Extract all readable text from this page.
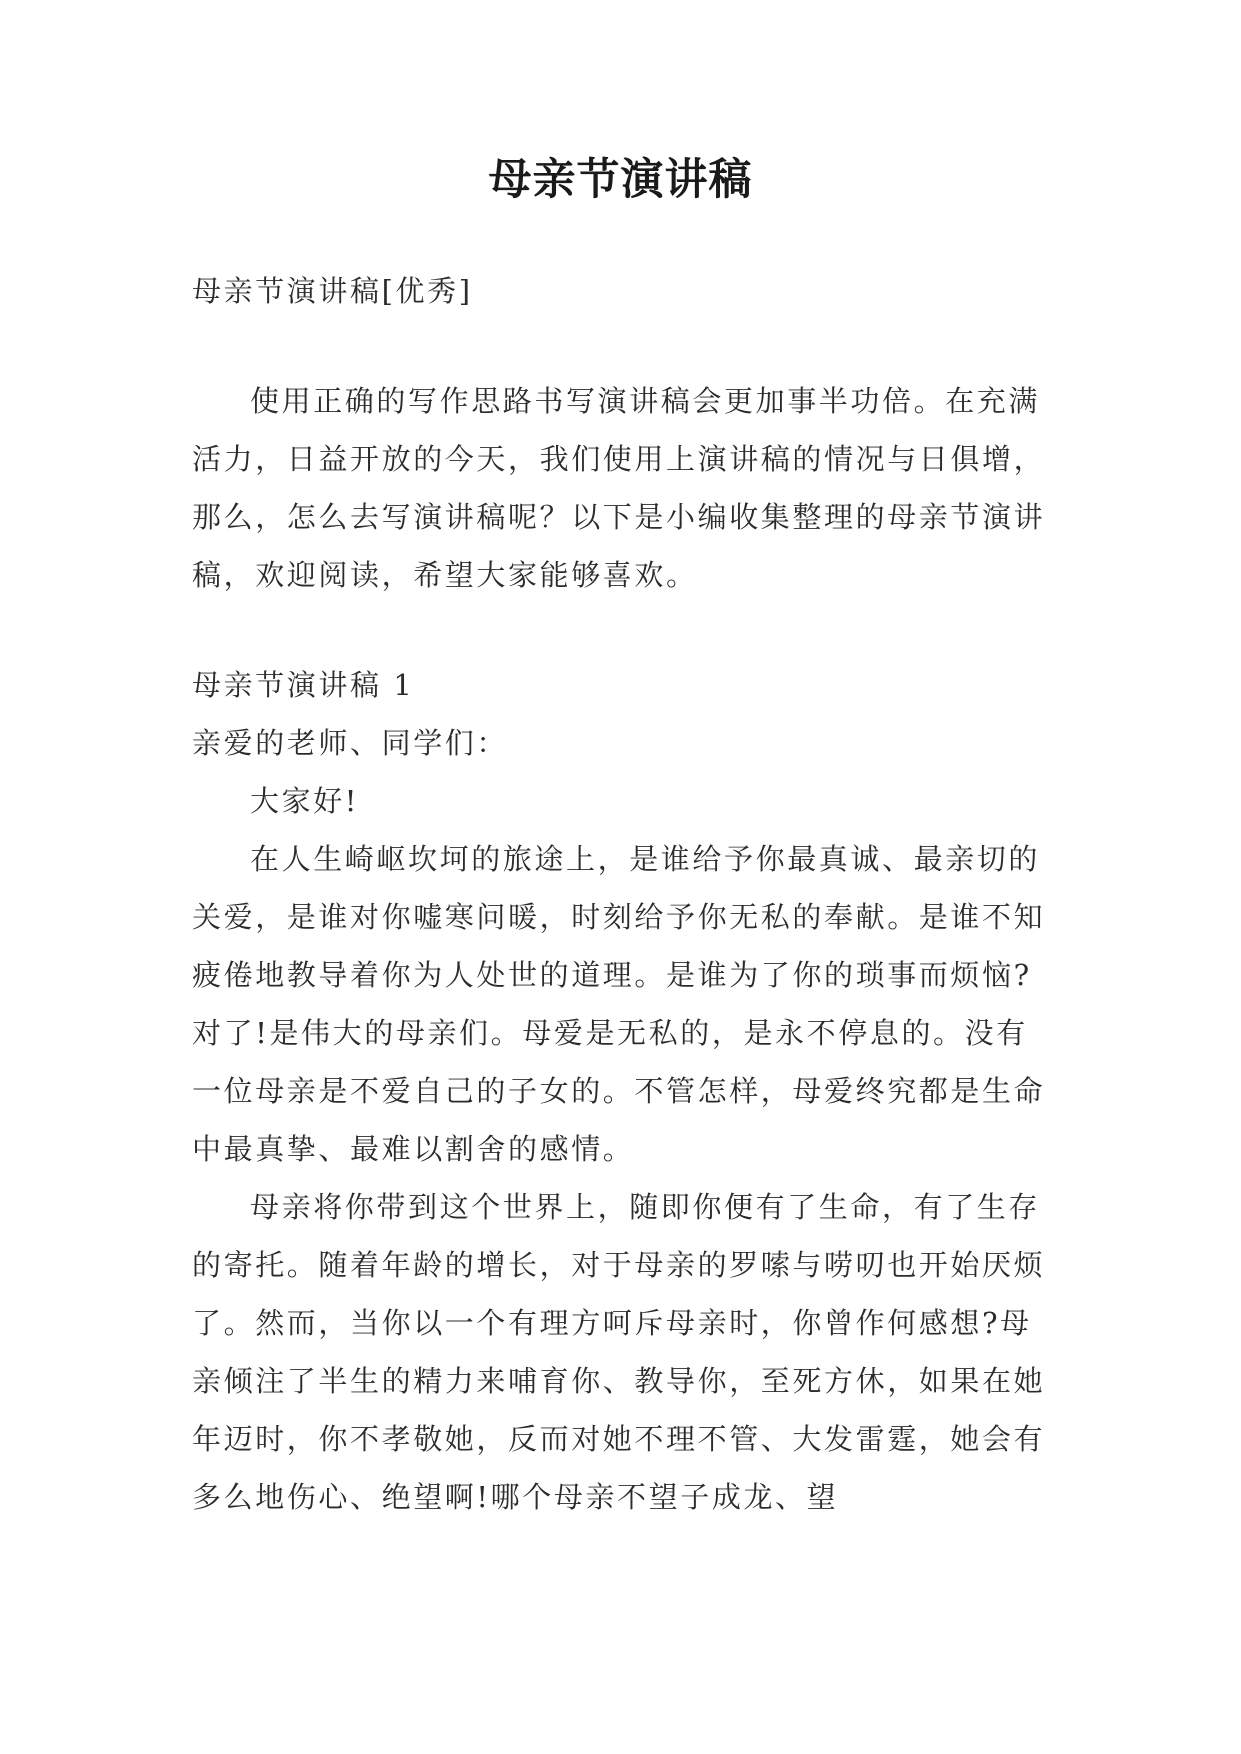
母亲节演讲稿

母亲节演讲稿[优秀]

使用正确的写作思路书写演讲稿会更加事半功倍。在充满活力，日益开放的今天，我们使用上演讲稿的情况与日俱增，那么，怎么去写演讲稿呢？以下是小编收集整理的母亲节演讲稿，欢迎阅读，希望大家能够喜欢。

母亲节演讲稿 1

亲爱的老师、同学们：

大家好!

在人生崎岖坎坷的旅途上，是谁给予你最真诚、最亲切的关爱，是谁对你嘘寒问暖，时刻给予你无私的奉献。是谁不知疲倦地教导着你为人处世的道理。是谁为了你的琐事而烦恼?对了!是伟大的母亲们。母爱是无私的，是永不停息的。没有一位母亲是不爱自己的子女的。不管怎样，母爱终究都是生命中最真挚、最难以割舍的感情。

母亲将你带到这个世界上，随即你便有了生命，有了生存的寄托。随着年龄的增长，对于母亲的罗嗦与唠叨也开始厌烦了。然而，当你以一个有理方呵斥母亲时，你曾作何感想?母亲倾注了半生的精力来哺育你、教导你，至死方休，如果在她年迈时，你不孝敬她，反而对她不理不管、大发雷霆，她会有多么地伤心、绝望啊!哪个母亲不望子成龙、望
